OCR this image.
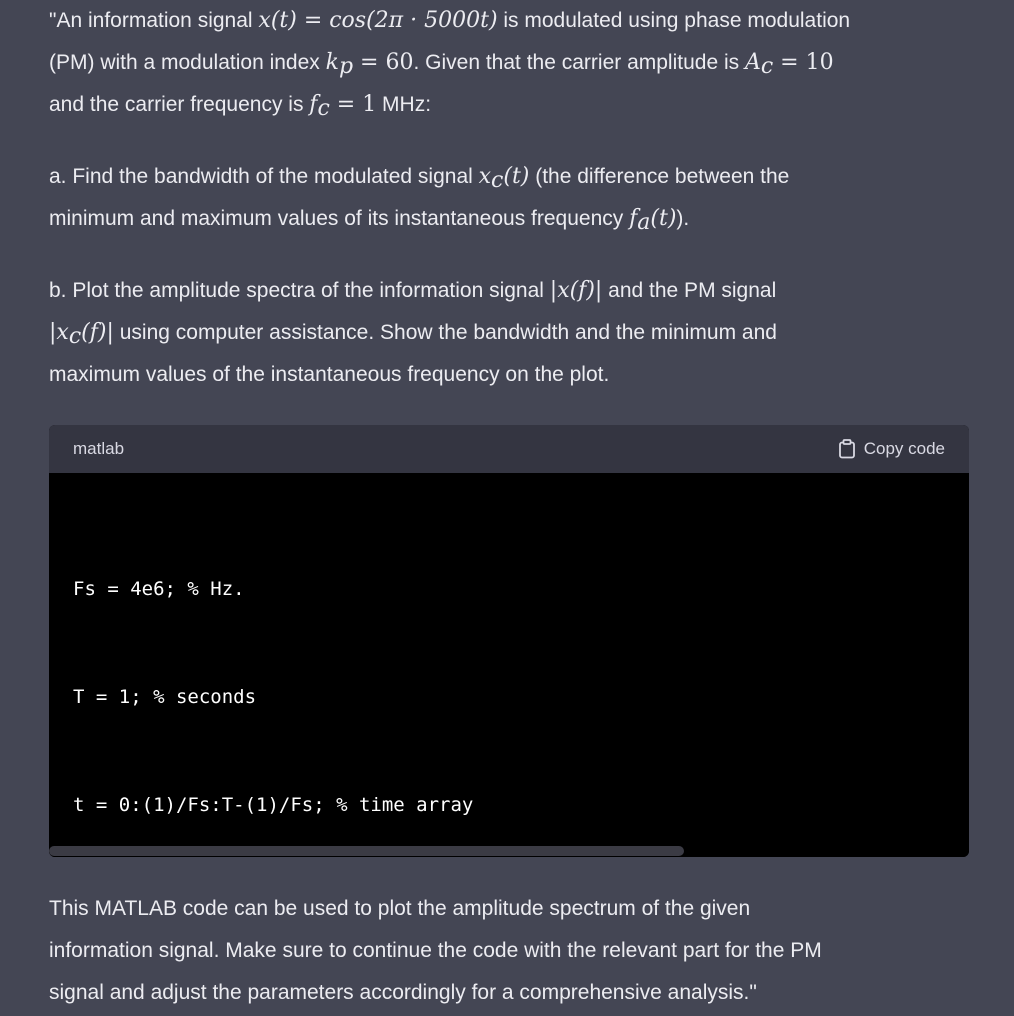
"An information signal x(t) = cos(2π · 5000t) is modulated using phase modulation
(PM) with a modulation index $k_p = 60$. Given that the carrier amplitude is $A_c = 10$
and the carrier frequency is $f_c = 1$ MHz:
a. Find the bandwidth of the modulated signal $x_c(t)$ (the difference between the
minimum and maximum values of its instantaneous frequency $f_a(t)$).
b. Plot the amplitude spectra of the information signal |x(f)| and the PM signal
$|x_c(f)|$ using computer assistance. Show the bandwidth and the minimum and
maximum values of the instantaneous frequency on the plot.
This MATLAB code can be used to plot the amplitude spectrum of the given
information signal. Make sure to continue the code with the relevant part for the PM
signal and adjust the parameters accordingly for a comprehensive analysis."
matlab	Copy code

Fs = 4e6; % Hz.

T = 1; % seconds

t = 0:(1)/Fs:T-(1)/Fs; % time array
